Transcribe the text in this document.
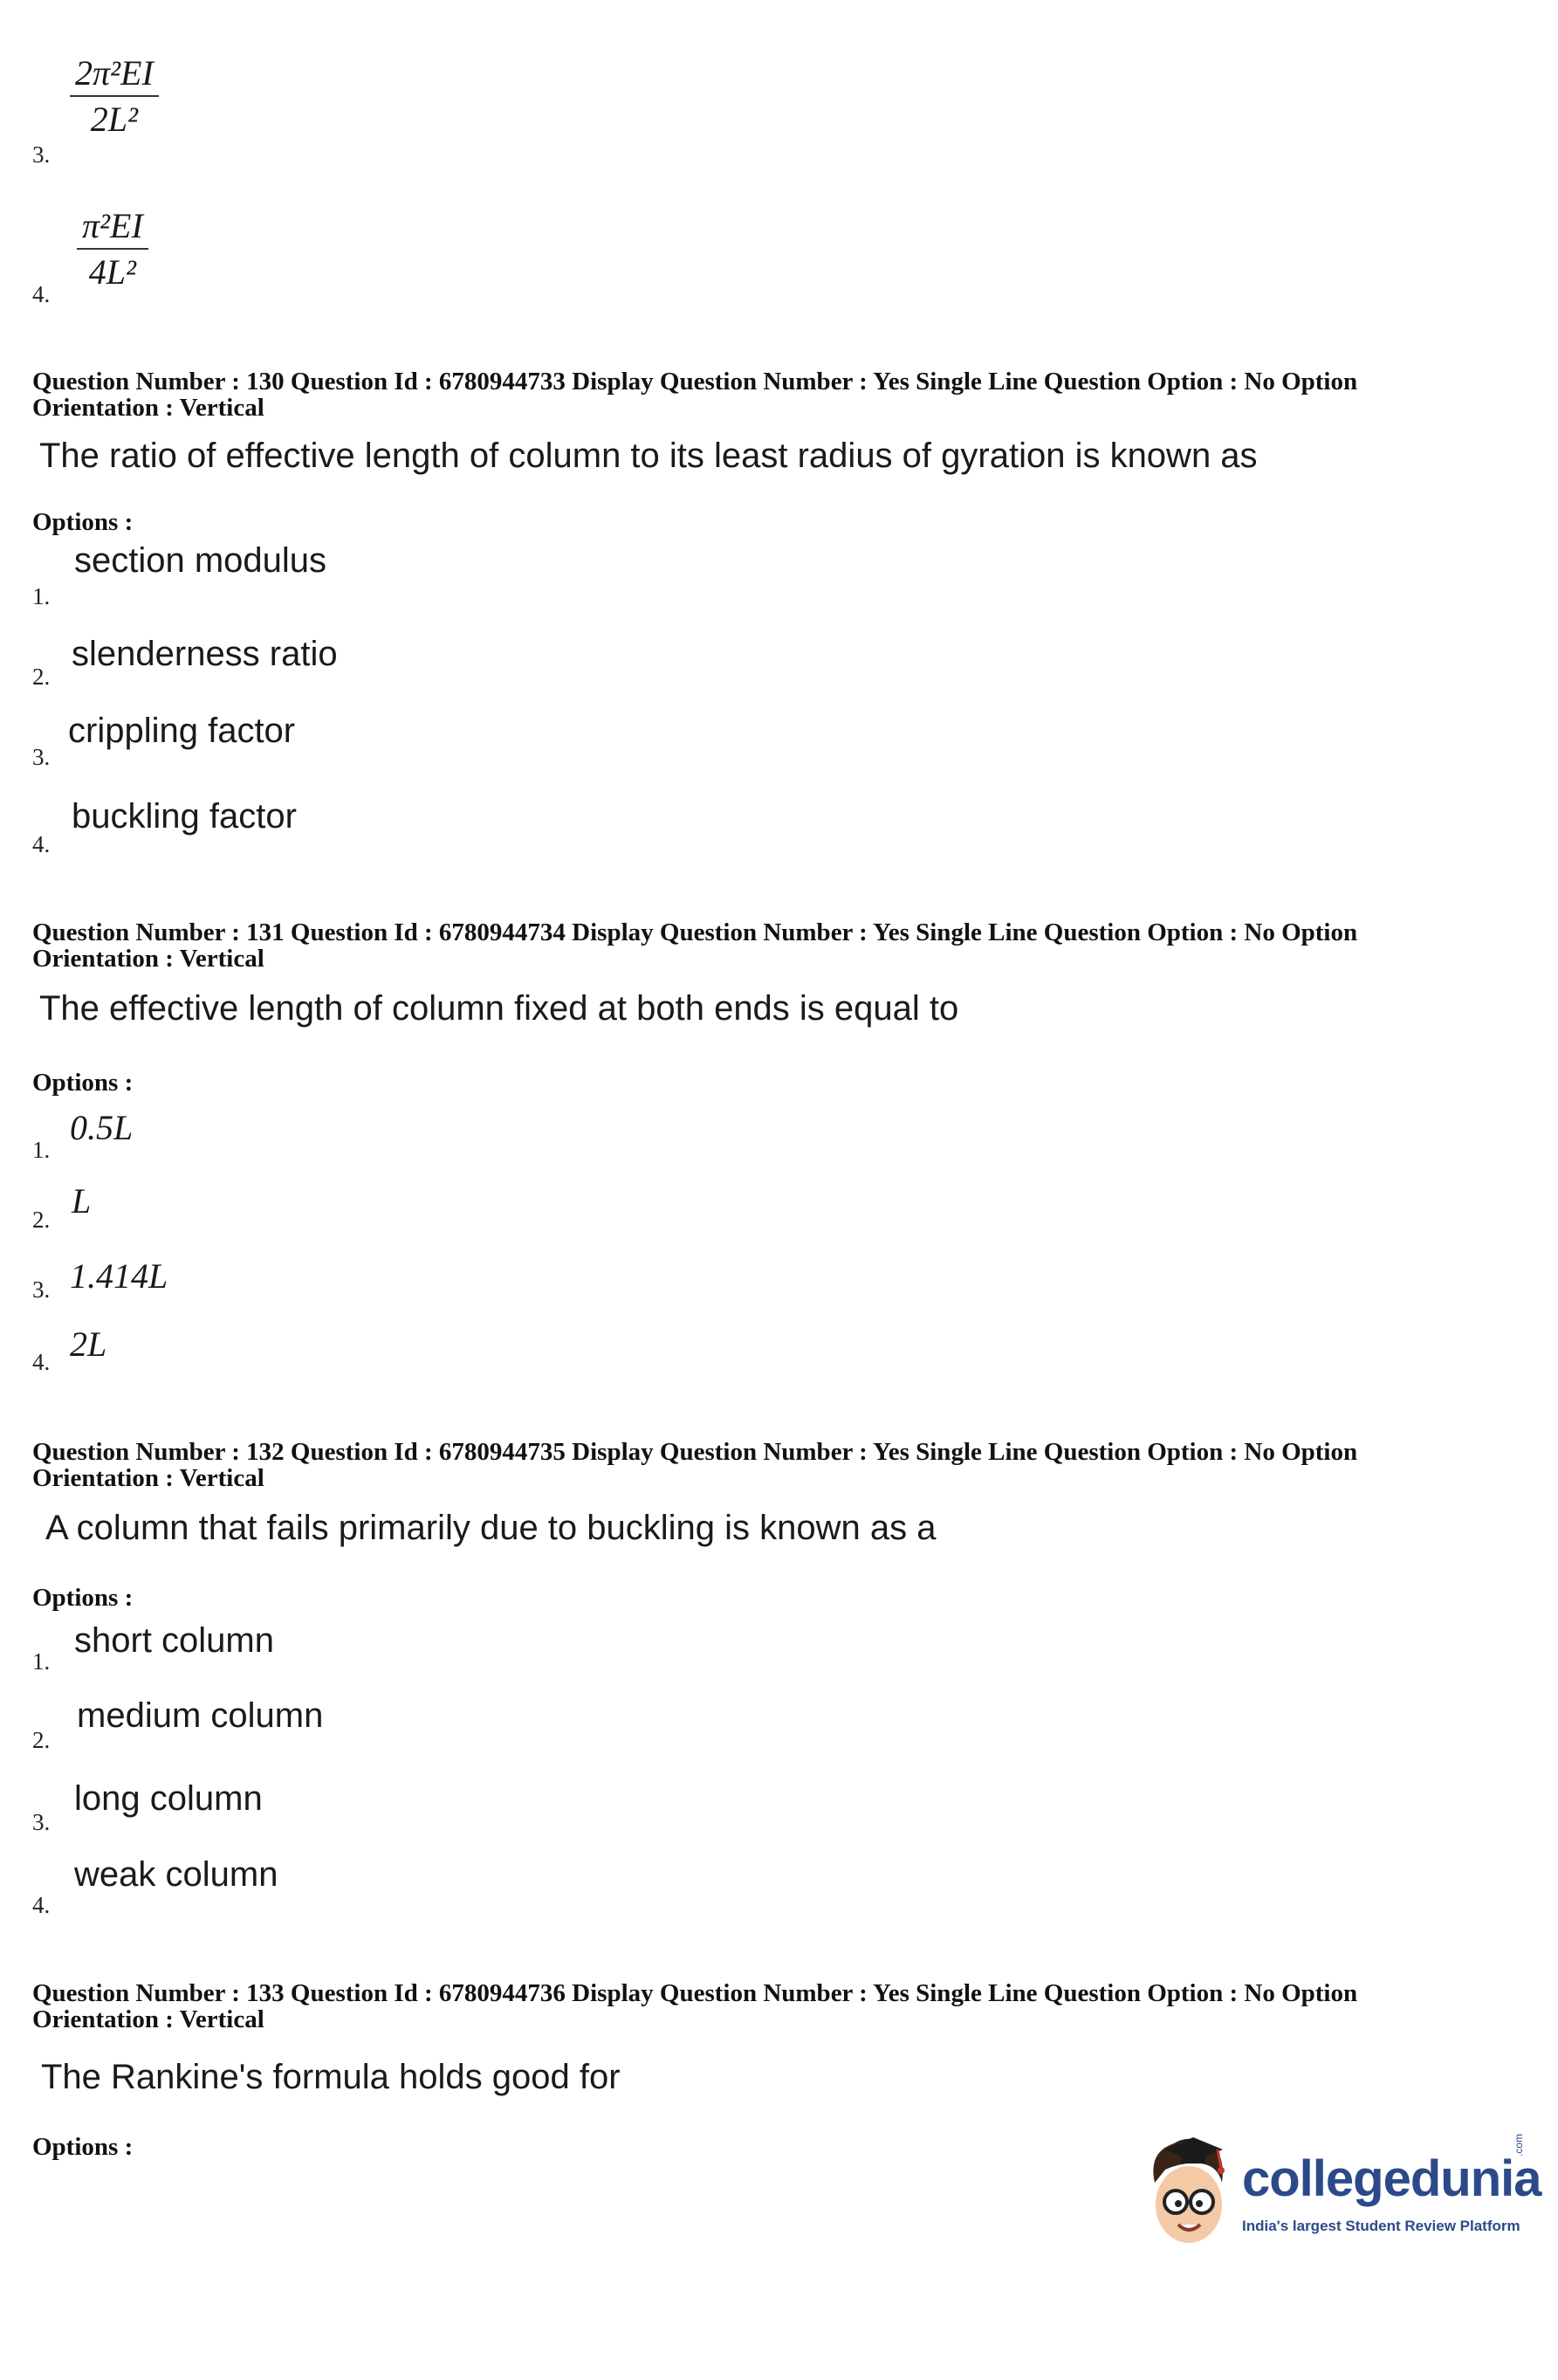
2π²EI
2L²
3.
π²EI
4L²
4.
Question Number : 130 Question Id : 6780944733 Display Question Number : Yes Single Line Question Option : No Option
Orientation : Vertical
The ratio of effective length of column to its least radius of gyration is known as
Options :
section modulus
1.
slenderness ratio
2.
crippling factor
3.
buckling factor
4.
Question Number : 131 Question Id : 6780944734 Display Question Number : Yes Single Line Question Option : No Option
Orientation : Vertical
The effective length of column fixed at both ends is equal to
Options :
0.5L
1.
L
2.
1.414L
3.
2L
4.
Question Number : 132 Question Id : 6780944735 Display Question Number : Yes Single Line Question Option : No Option
Orientation : Vertical
A column that fails primarily due to buckling is known as a
Options :
short column
1.
medium column
2.
long column
3.
weak column
4.
Question Number : 133 Question Id : 6780944736 Display Question Number : Yes Single Line Question Option : No Option
Orientation : Vertical
The Rankine's formula holds good for
Options :
collegedunia
.com
India's largest Student Review Platform
